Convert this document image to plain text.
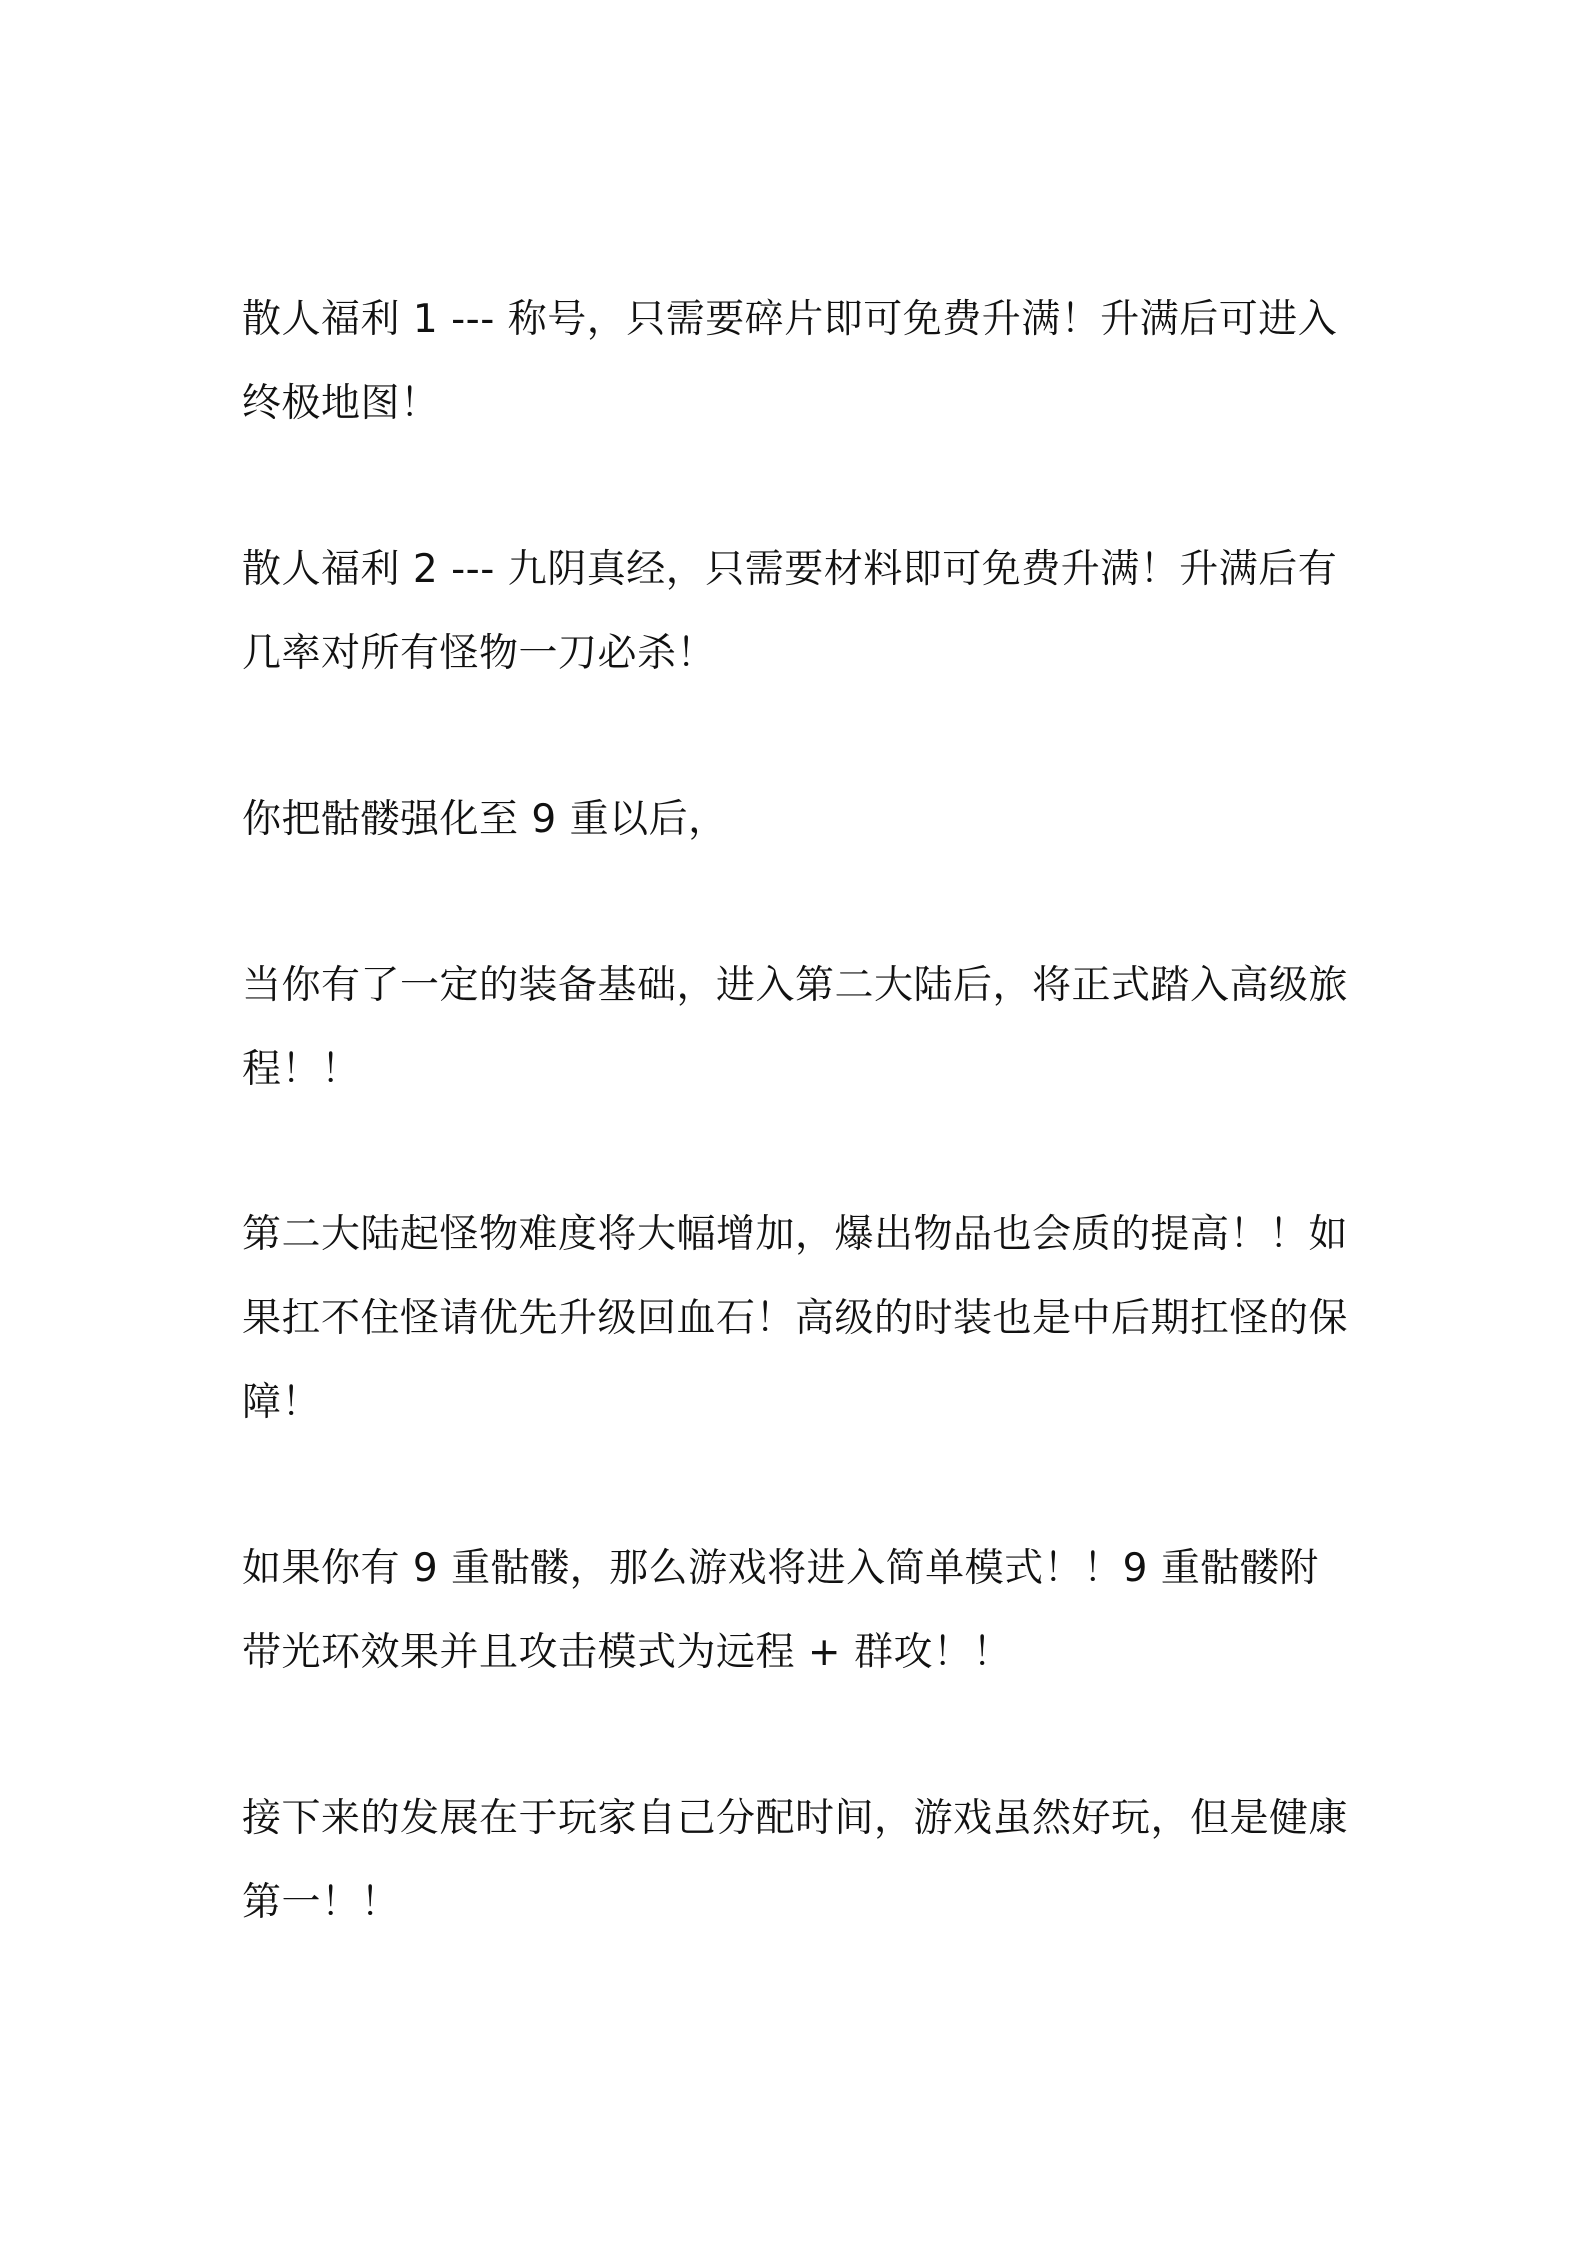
散人福利 1 --- 称号，只需要碎片即可免费升满！升满后可进入终极地图！

散人福利 2 --- 九阴真经，只需要材料即可免费升满！升满后有几率对所有怪物一刀必杀！

你把骷髅强化至 9 重以后，

当你有了一定的装备基础，进入第二大陆后，将正式踏入高级旅程！！

第二大陆起怪物难度将大幅增加，爆出物品也会质的提高！！如果扛不住怪请优先升级回血石！高级的时装也是中后期扛怪的保障！

如果你有 9 重骷髅，那么游戏将进入简单模式！！9 重骷髅附带光环效果并且攻击模式为远程 + 群攻！！

接下来的发展在于玩家自己分配时间，游戏虽然好玩，但是健康第一！！
